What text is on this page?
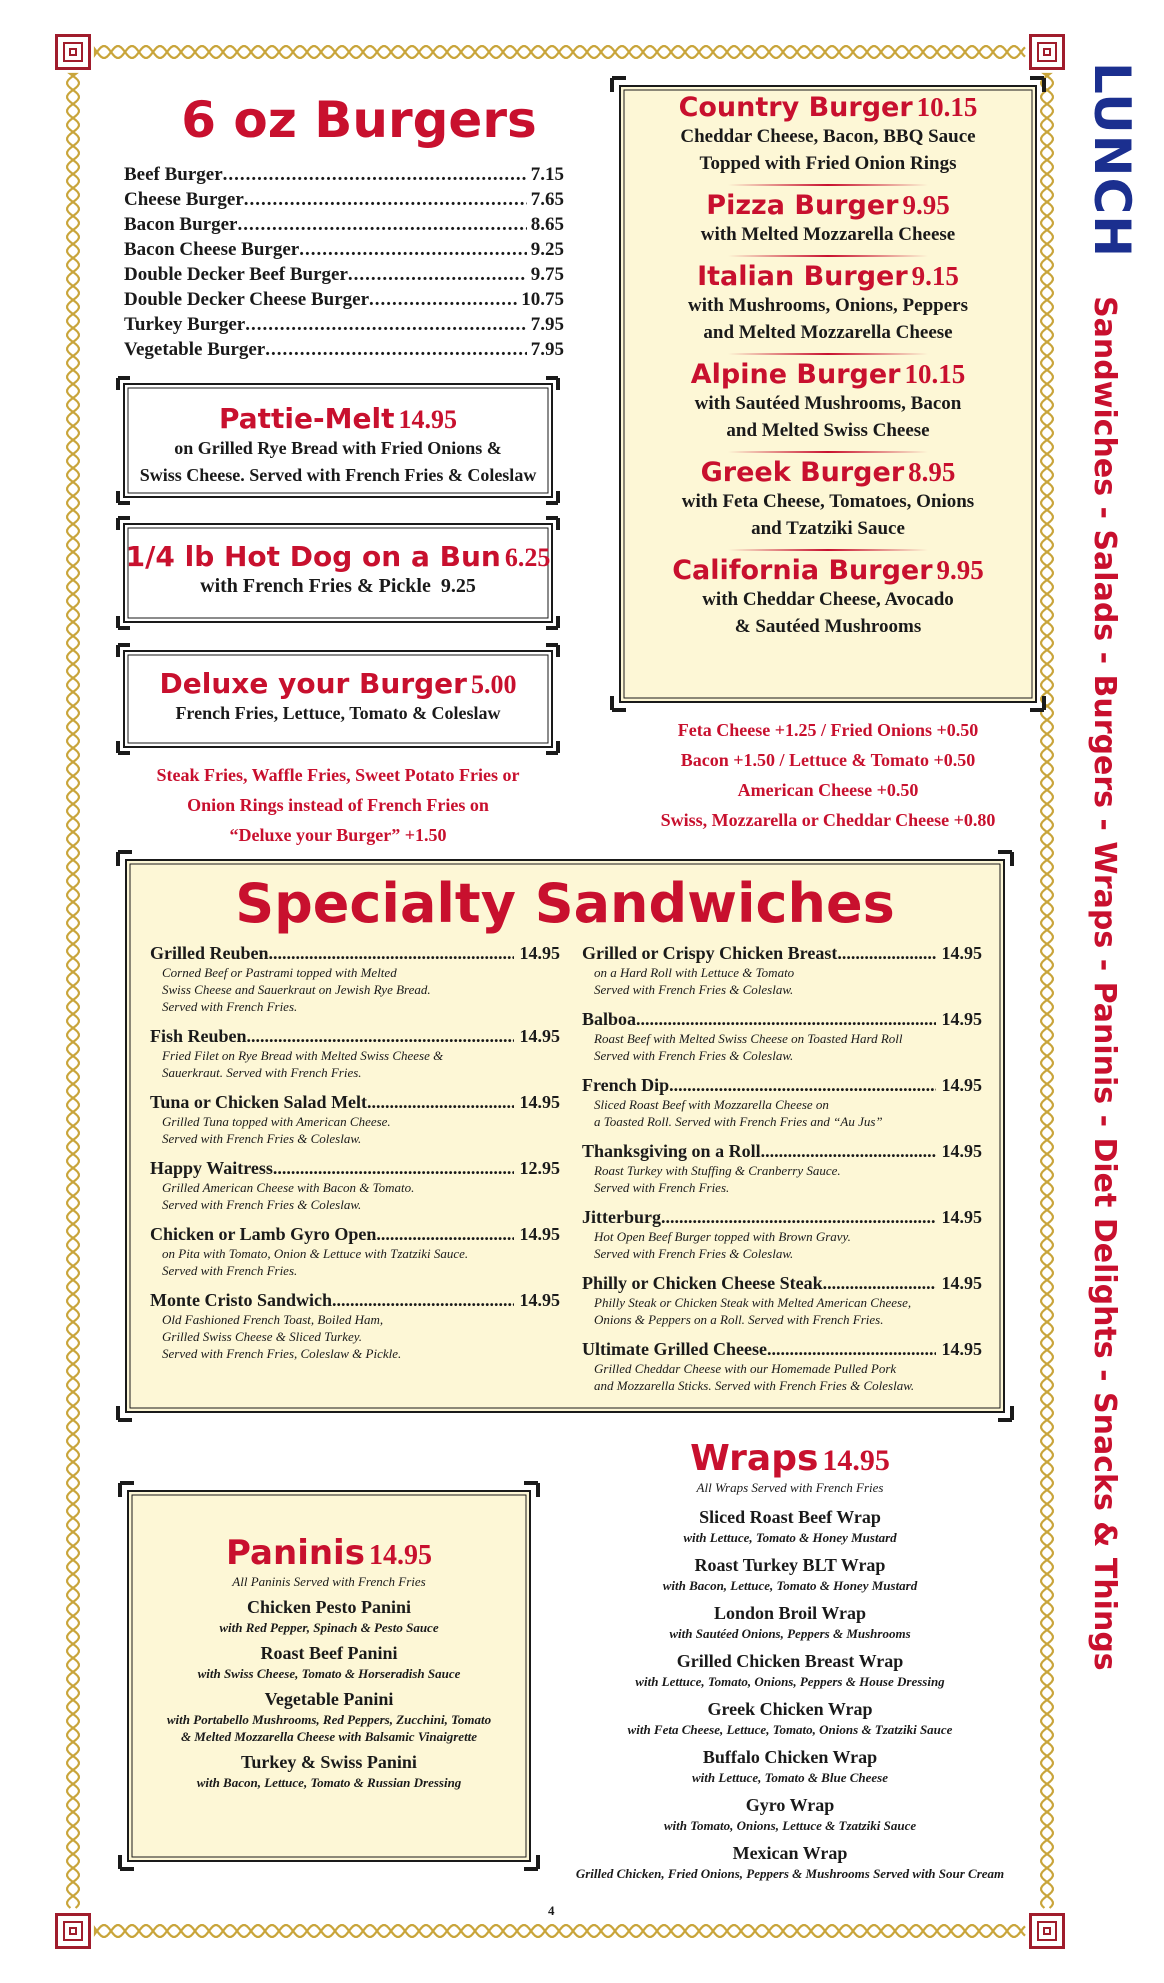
LUNCH  Sandwiches - Salads - Burgers - Wraps - Paninis - Diet Delights - Snacks & Things
6 oz Burgers
Beef Burger .....	7.15
Cheese Burger .....	7.65
Bacon Burger .....	8.65
Bacon Cheese Burger .....	9.25
Double Decker Beef Burger .....	9.75
Double Decker Cheese Burger .....	10.75
Turkey Burger .....	7.95
Vegetable Burger .....	7.95
Pattie-Melt 14.95
on Grilled Rye Bread with Fried Onions &
Swiss Cheese. Served with French Fries & Coleslaw
1/4 lb Hot Dog on a Bun 6.25
with French Fries & Pickle 9.25
Deluxe your Burger 5.00
French Fries, Lettuce, Tomato & Coleslaw
Steak Fries, Waffle Fries, Sweet Potato Fries or
Onion Rings instead of French Fries on
“Deluxe your Burger” +1.50
Country Burger 10.15
Cheddar Cheese, Bacon, BBQ Sauce
Topped with Fried Onion Rings
Pizza Burger 9.95
with Melted Mozzarella Cheese
Italian Burger 9.15
with Mushrooms, Onions, Peppers
and Melted Mozzarella Cheese
Alpine Burger 10.15
with Sautéed Mushrooms, Bacon
and Melted Swiss Cheese
Greek Burger 8.95
with Feta Cheese, Tomatoes, Onions
and Tzatziki Sauce
California Burger 9.95
with Cheddar Cheese, Avocado
& Sautéed Mushrooms
Feta Cheese +1.25 / Fried Onions +0.50
Bacon +1.50 / Lettuce & Tomato +0.50
American Cheese +0.50
Swiss, Mozzarella or Cheddar Cheese +0.80
Specialty Sandwiches
Grilled Reuben .....	14.95
Corned Beef or Pastrami topped with Melted
Swiss Cheese and Sauerkraut on Jewish Rye Bread.
Served with French Fries.
Fish Reuben .....	14.95
Fried Filet on Rye Bread with Melted Swiss Cheese &
Sauerkraut. Served with French Fries.
Tuna or Chicken Salad Melt .....	14.95
Grilled Tuna topped with American Cheese.
Served with French Fries & Coleslaw.
Happy Waitress .....	12.95
Grilled American Cheese with Bacon & Tomato.
Served with French Fries & Coleslaw.
Chicken or Lamb Gyro Open .....	14.95
on Pita with Tomato, Onion & Lettuce with Tzatziki Sauce.
Served with French Fries.
Monte Cristo Sandwich .....	14.95
Old Fashioned French Toast, Boiled Ham,
Grilled Swiss Cheese & Sliced Turkey.
Served with French Fries, Coleslaw & Pickle.
Grilled or Crispy Chicken Breast .....	14.95
on a Hard Roll with Lettuce & Tomato
Served with French Fries & Coleslaw.
Balboa .....	14.95
Roast Beef with Melted Swiss Cheese on Toasted Hard Roll
Served with French Fries & Coleslaw.
French Dip .....	14.95
Sliced Roast Beef with Mozzarella Cheese on
a Toasted Roll. Served with French Fries and “Au Jus”
Thanksgiving on a Roll .....	14.95
Roast Turkey with Stuffing & Cranberry Sauce.
Served with French Fries.
Jitterburg .....	14.95
Hot Open Beef Burger topped with Brown Gravy.
Served with French Fries & Coleslaw.
Philly or Chicken Cheese Steak .....	14.95
Philly Steak or Chicken Steak with Melted American Cheese,
Onions & Peppers on a Roll. Served with French Fries.
Ultimate Grilled Cheese .....	14.95
Grilled Cheddar Cheese with our Homemade Pulled Pork
and Mozzarella Sticks. Served with French Fries & Coleslaw.
Paninis 14.95
All Paninis Served with French Fries
Chicken Pesto Panini
with Red Pepper, Spinach & Pesto Sauce
Roast Beef Panini
with Swiss Cheese, Tomato & Horseradish Sauce
Vegetable Panini
with Portabello Mushrooms, Red Peppers, Zucchini, Tomato
& Melted Mozzarella Cheese with Balsamic Vinaigrette
Turkey & Swiss Panini
with Bacon, Lettuce, Tomato & Russian Dressing
Wraps 14.95
All Wraps Served with French Fries
Sliced Roast Beef Wrap
with Lettuce, Tomato & Honey Mustard
Roast Turkey BLT Wrap
with Bacon, Lettuce, Tomato & Honey Mustard
London Broil Wrap
with Sautéed Onions, Peppers & Mushrooms
Grilled Chicken Breast Wrap
with Lettuce, Tomato, Onions, Peppers & House Dressing
Greek Chicken Wrap
with Feta Cheese, Lettuce, Tomato, Onions & Tzatziki Sauce
Buffalo Chicken Wrap
with Lettuce, Tomato & Blue Cheese
Gyro Wrap
with Tomato, Onions, Lettuce & Tzatziki Sauce
Mexican Wrap
Grilled Chicken, Fried Onions, Peppers & Mushrooms Served with Sour Cream
4
